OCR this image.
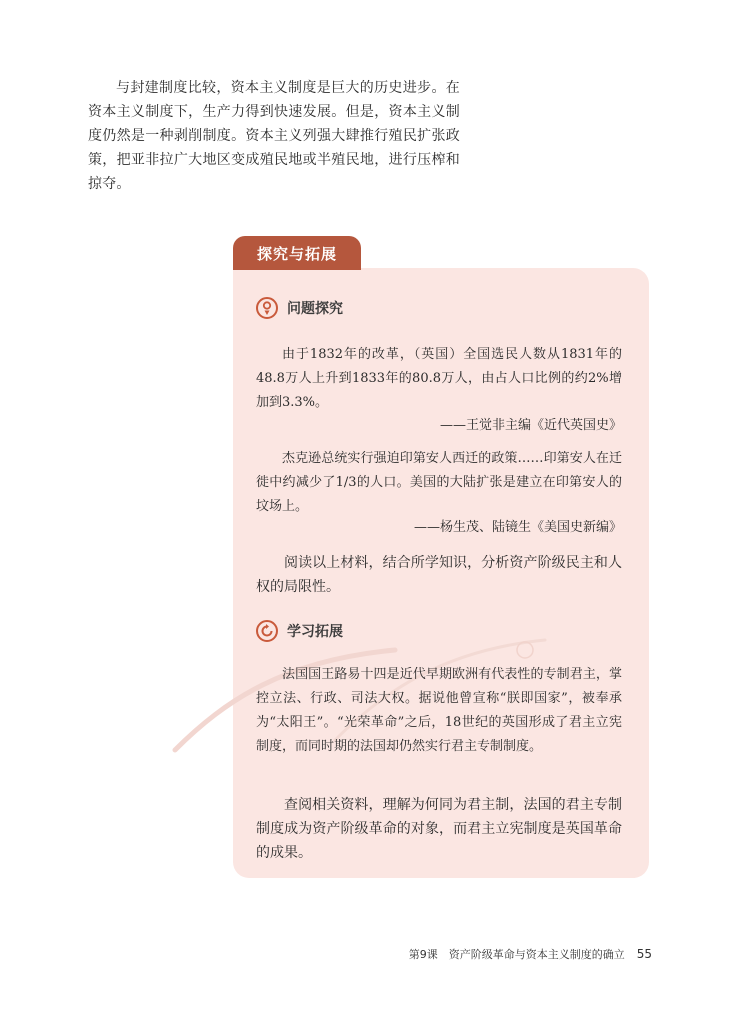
与封建制度比较，资本主义制度是巨大的历史进步。在资本主义制度下，生产力得到快速发展。但是，资本主义制度仍然是一种剥削制度。资本主义列强大肆推行殖民扩张政策，把亚非拉广大地区变成殖民地或半殖民地，进行压榨和掠夺。

探究与拓展
问题探究

由于1832年的改革，（英国）全国选民人数从1831年的48.8万人上升到1833年的80.8万人，由占人口比例的约2%增加到3.3%。

——王觉非主编《近代英国史》

杰克逊总统实行强迫印第安人西迁的政策……印第安人在迁徙中约减少了1/3的人口。美国的大陆扩张是建立在印第安人的坟场上。

——杨生茂、陆镜生《美国史新编》

阅读以上材料，结合所学知识，分析资产阶级民主和人权的局限性。

学习拓展

法国国王路易十四是近代早期欧洲有代表性的专制君主，掌控立法、行政、司法大权。据说他曾宣称“朕即国家”，被奉承为“太阳王”。“光荣革命”之后，18世纪的英国形成了君主立宪制度，而同时期的法国却仍然实行君主专制制度。

查阅相关资料，理解为何同为君主制，法国的君主专制制度成为资产阶级革命的对象，而君主立宪制度是英国革命的成果。

第9课　资产阶级革命与资本主义制度的确立 55
